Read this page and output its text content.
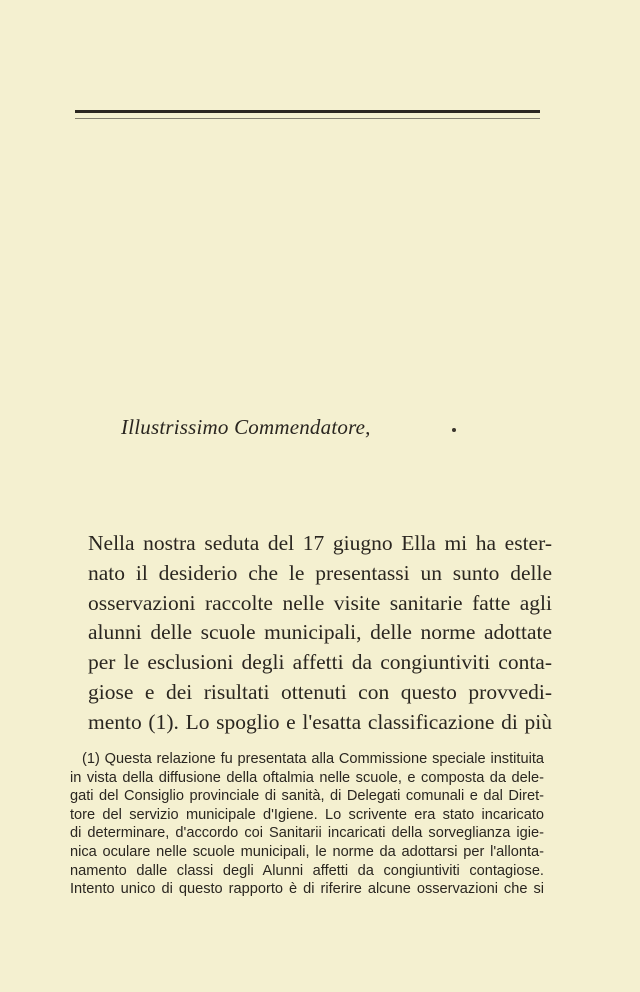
Illustrissimo Commendatore,
Nella nostra seduta del 17 giugno Ella mi ha ester-
nato il desiderio che le presentassi un sunto delle
osservazioni raccolte nelle visite sanitarie fatte agli
alunni delle scuole municipali, delle norme adottate
per le esclusioni degli affetti da congiuntiviti conta-
giose e dei risultati ottenuti con questo provvedi-
mento (1). Lo spoglio e l'esatta classificazione di più
(1) Questa relazione fu presentata alla Commissione speciale instituita
in vista della diffusione della oftalmia nelle scuole, e composta da dele-
gati del Consiglio provinciale di sanità, di Delegati comunali e dal Diret-
tore del servizio municipale d'Igiene. Lo scrivente era stato incaricato
di determinare, d'accordo coi Sanitarii incaricati della sorveglianza igie-
nica oculare nelle scuole municipali, le norme da adottarsi per l'allonta-
namento dalle classi degli Alunni affetti da congiuntiviti contagiose.
Intento unico di questo rapporto è di riferire alcune osservazioni che si
